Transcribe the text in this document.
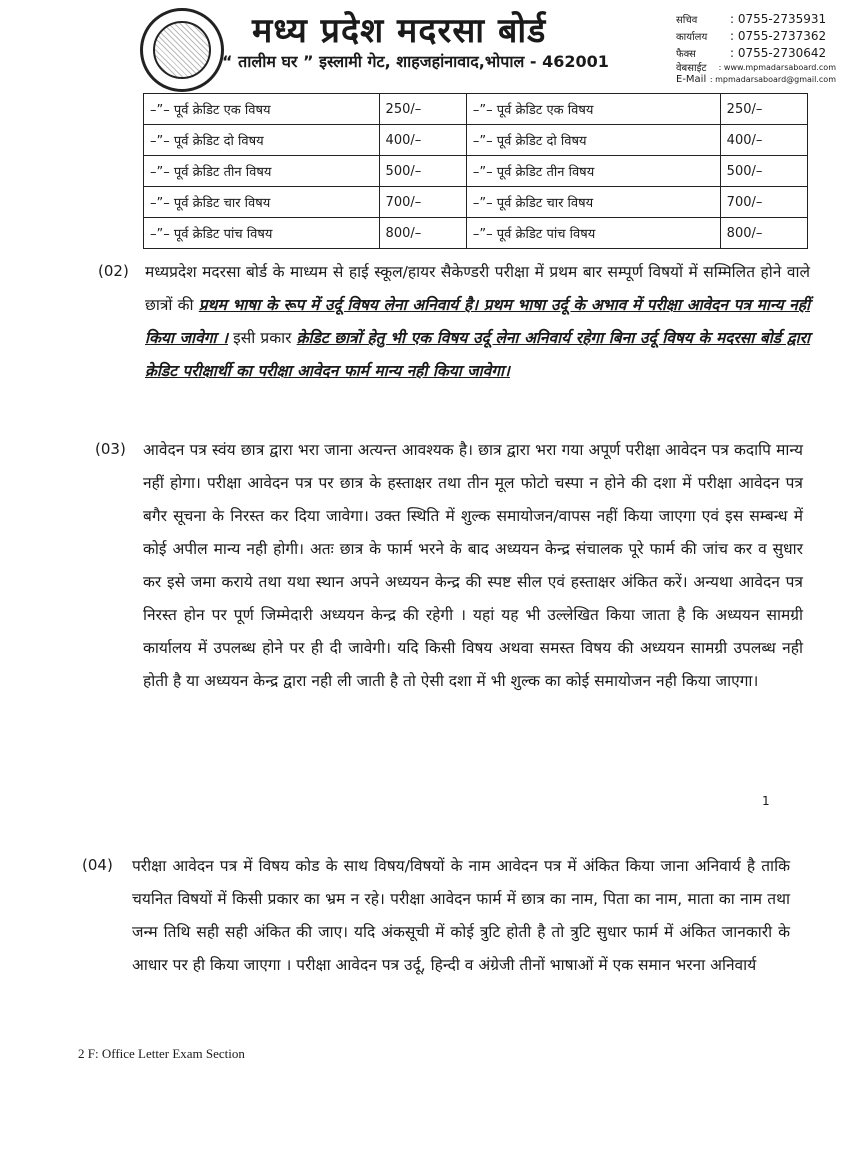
मध्य प्रदेश मदरसा बोर्ड
“ तालीम घर ” इस्लामी गेट, शाहजहांनावाद,भोपाल - 462001
सचिव	: 0755-2735931
कार्यालय	: 0755-2737362
फैक्स	: 0755-2730642
वेबसाईट	: www.mpmadarsaboard.com
E-Mail : mpmadarsaboard@gmail.com
–”– पूर्व क्रेडिट एक विषय	250/–	–”– पूर्व क्रेडिट एक विषय	250/–
–”– पूर्व क्रेडिट दो विषय	400/–	–”– पूर्व क्रेडिट दो विषय	400/–
–”– पूर्व क्रेडिट तीन विषय	500/–	–”– पूर्व क्रेडिट तीन विषय	500/–
–”– पूर्व क्रेडिट चार विषय	700/–	–”– पूर्व क्रेडिट चार विषय	700/–
–”– पूर्व क्रेडिट पांच विषय	800/–	–”– पूर्व क्रेडिट पांच विषय	800/–
(02) मध्यप्रदेश मदरसा बोर्ड के माध्यम से हाई स्कूल/हायर सैकेण्डरी परीक्षा में प्रथम बार सम्पूर्ण विषयों में सम्मिलित होने वाले छात्रों की प्रथम भाषा के रूप में उर्दू विषय लेना अनिवार्य है। प्रथम भाषा उर्दू के अभाव में परीक्षा आवेदन पत्र मान्य नहीं किया जावेगा । इसी प्रकार क्रेडिट छात्रों हेतु भी एक विषय उर्दू लेना अनिवार्य रहेगा बिना उर्दू विषय के मदरसा बोर्ड द्वारा क्रेडिट परीक्षार्थी का परीक्षा आवेदन फार्म मान्य नही किया जावेगा।
(03) आवेदन पत्र स्वंय छात्र द्वारा भरा जाना अत्यन्त आवश्यक है। छात्र द्वारा भरा गया अपूर्ण परीक्षा आवेदन पत्र कदापि मान्य नहीं होगा। परीक्षा आवेदन पत्र पर छात्र के हस्ताक्षर तथा तीन मूल फोटो चस्पा न होने की दशा में परीक्षा आवेदन पत्र बगैर सूचना के निरस्त कर दिया जावेगा। उक्त स्थिति में शुल्क समायोजन/वापस नहीं किया जाएगा एवं इस सम्बन्ध में कोई अपील मान्य नही होगी। अतः छात्र के फार्म भरने के बाद अध्ययन केन्द्र संचालक पूरे फार्म की जांच कर व सुधार कर इसे जमा कराये तथा यथा स्थान अपने अध्ययन केन्द्र की स्पष्ट सील एवं हस्ताक्षर अंकित करें। अन्यथा आवेदन पत्र निरस्त होन पर पूर्ण जिम्मेदारी अध्ययन केन्द्र की रहेगी । यहां यह भी उल्लेखित किया जाता है कि अध्ययन सामग्री कार्यालय में उपलब्ध होने पर ही दी जावेगी। यदि किसी विषय अथवा समस्त विषय की अध्ययन सामग्री उपलब्ध नही होती है या अध्ययन केन्द्र द्वारा नही ली जाती है तो ऐसी दशा में भी शुल्क का कोई समायोजन नही किया जाएगा।
1
(04) परीक्षा आवेदन पत्र में विषय कोड के साथ विषय/विषयों के नाम आवेदन पत्र में अंकित किया जाना अनिवार्य है ताकि चयनित विषयों में किसी प्रकार का भ्रम न रहे। परीक्षा आवेदन फार्म में छात्र का नाम, पिता का नाम, माता का नाम तथा जन्म तिथि सही सही अंकित की जाए। यदि अंकसूची में कोई त्रुटि होती है तो त्रुटि सुधार फार्म में अंकित जानकारी के आधार पर ही किया जाएगा । परीक्षा आवेदन पत्र उर्दू, हिन्दी व अंग्रेजी तीनों भाषाओं में एक समान भरना अनिवार्य
2 F: Office Letter Exam Section
